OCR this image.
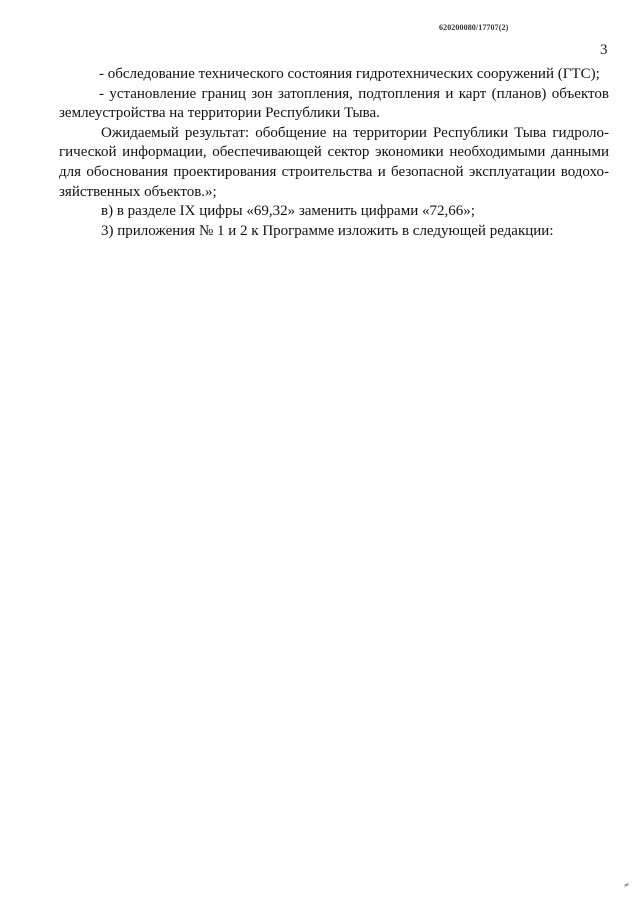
620200080/17707(2)
3
- обследование технического состояния гидротехнических сооружений (ГТС);
- установление границ зон затопления, подтопления и карт (планов) объектов
землеустройства на территории Республики Тыва.
Ожидаемый результат: обобщение на территории Республики Тыва гидроло-
гической информации, обеспечивающей сектор экономики необходимыми данными
для обоснования проектирования строительства и безопасной эксплуатации водохо-
зяйственных объектов.»;
в) в разделе IX цифры «69,32» заменить цифрами «72,66»;
3) приложения № 1 и 2 к Программе изложить в следующей редакции:
≠
